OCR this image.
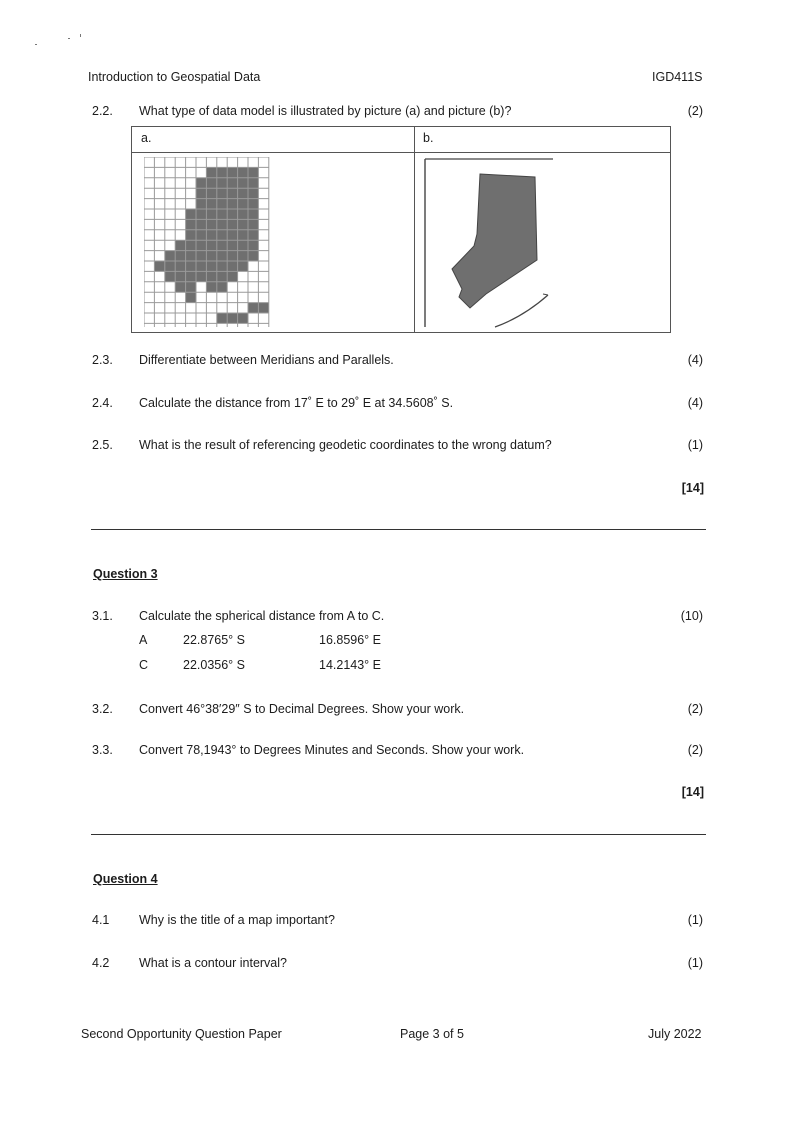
Introduction to Geospatial Data	IGD411S
2.2. What type of data model is illustrated by picture (a) and picture (b)?	(2)
a.	b.
2.3. Differentiate between Meridians and Parallels.	(4)
2.4. Calculate the distance from 17˚ E to 29˚ E at 34.5608˚ S.	(4)
2.5. What is the result of referencing geodetic coordinates to the wrong datum?	(1)
[14]
Question 3
3.1. Calculate the spherical distance from A to C.	(10)
A	22.8765° S	16.8596° E
C	22.0356° S	14.2143° E
3.2. Convert 46°38′29″ S to Decimal Degrees. Show your work.	(2)
3.3. Convert 78,1943° to Degrees Minutes and Seconds. Show your work.	(2)
[14]
Question 4
4.1 Why is the title of a map important?	(1)
4.2 What is a contour interval?	(1)
Second Opportunity Question Paper	Page 3 of 5	July 2022
